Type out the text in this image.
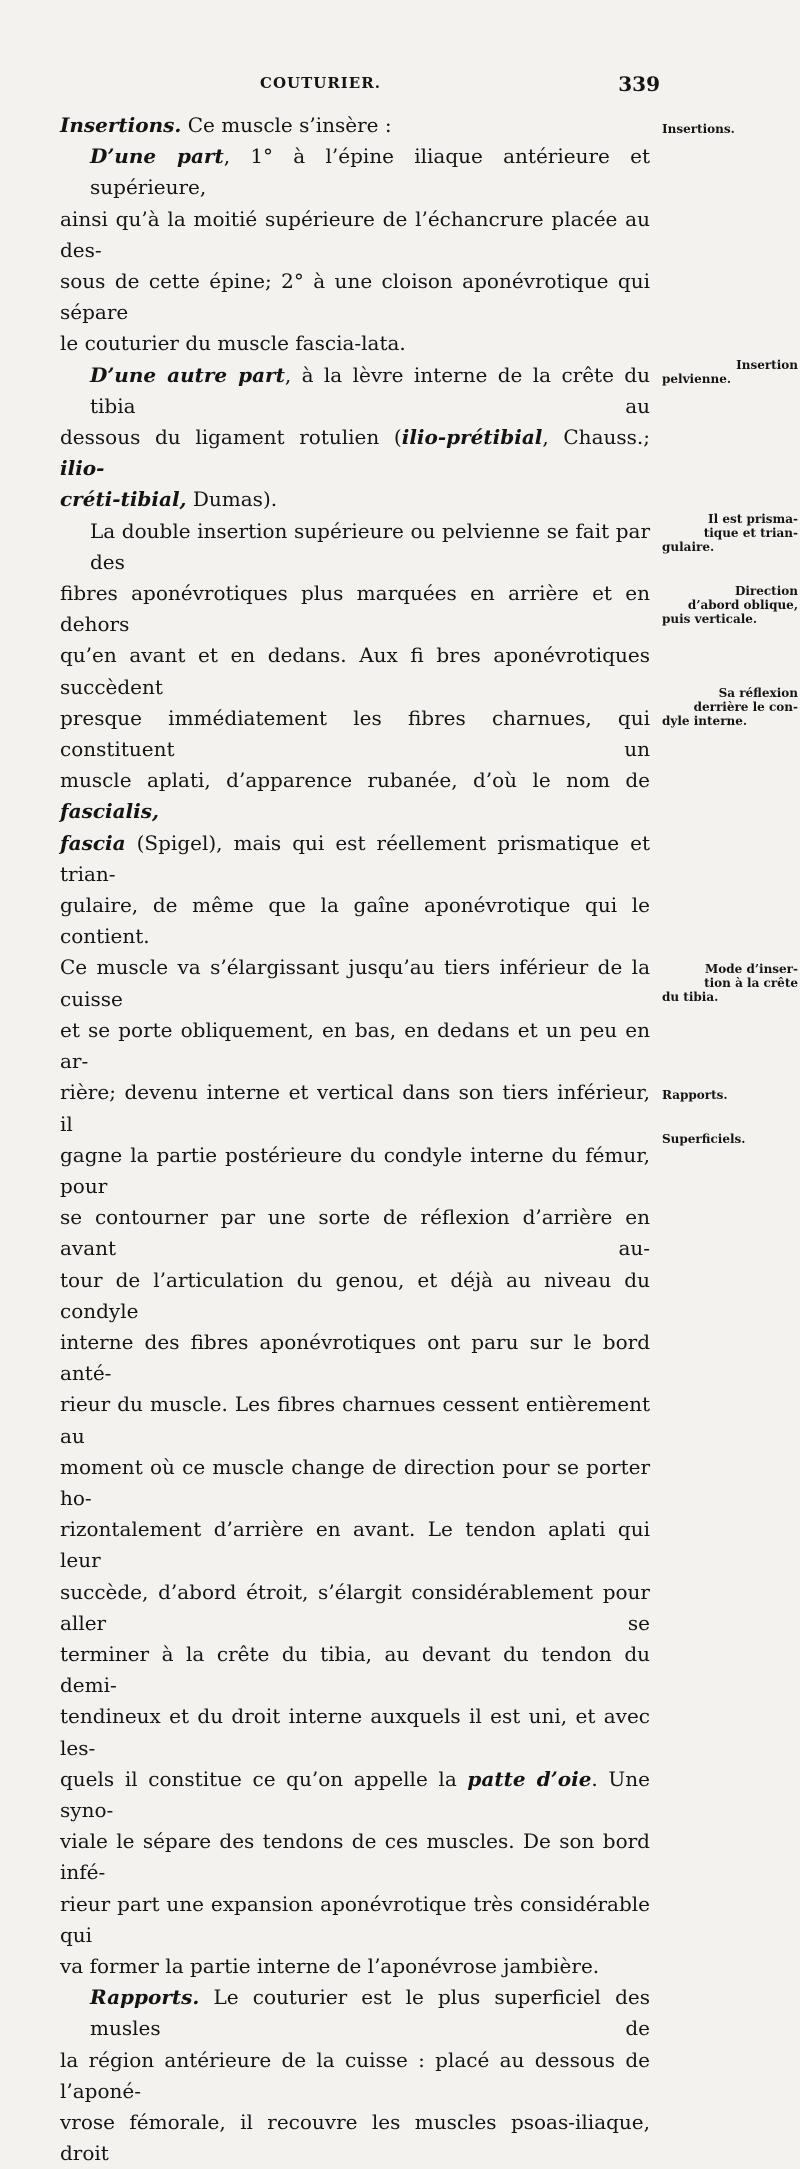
COUTURIER.	339
Insertions. Ce muscle s’insère :
D’une part, 1° à l’épine iliaque antérieure et supérieure,
ainsi qu’à la moitié supérieure de l’échancrure placée au des-
sous de cette épine; 2° à une cloison aponévrotique qui sépare
le couturier du muscle fascia-lata.
D’une autre part, à la lèvre interne de la crête du tibia au
dessous du ligament rotulien (ilio-prétibial, Chauss.; ilio-
créti-tibial, Dumas).
La double insertion supérieure ou pelvienne se fait par des
fibres aponévrotiques plus marquées en arrière et en dehors
qu’en avant et en dedans. Aux fi bres aponévrotiques succèdent
presque immédiatement les fibres charnues, qui constituent un
muscle aplati, d’apparence rubanée, d’où le nom de fascialis,
fascia (Spigel), mais qui est réellement prismatique et trian-
gulaire, de même que la gaîne aponévrotique qui le contient.
Ce muscle va s’élargissant jusqu’au tiers inférieur de la cuisse
et se porte obliquement, en bas, en dedans et un peu en ar-
rière; devenu interne et vertical dans son tiers inférieur, il
gagne la partie postérieure du condyle interne du fémur, pour
se contourner par une sorte de réflexion d’arrière en avant au-
tour de l’articulation du genou, et déjà au niveau du condyle
interne des fibres aponévrotiques ont paru sur le bord anté-
rieur du muscle. Les fibres charnues cessent entièrement au
moment où ce muscle change de direction pour se porter ho-
rizontalement d’arrière en avant. Le tendon aplati qui leur
succède, d’abord étroit, s’élargit considérablement pour aller se
terminer à la crête du tibia, au devant du tendon du demi-
tendineux et du droit interne auxquels il est uni, et avec les-
quels il constitue ce qu’on appelle la patte d’oie. Une syno-
viale le sépare des tendons de ces muscles. De son bord infé-
rieur part une expansion aponévrotique très considérable qui
va former la partie interne de l’aponévrose jambière.
Rapports. Le couturier est le plus superficiel des musles de
la région antérieure de la cuisse : placé au dessous de l’aponé-
vrose fémorale, il recouvre les muscles psoas-iliaque, droit
Insertions.
Insertion
pelvienne.
Il est prisma-
tique et trian-
gulaire.
Direction
d’abord oblique,
puis verticale.
Sa réflexion
derrière le con-
dyle interne.
Mode d’inser-
tion à la crête
du tibia.
Rapports.
Superficiels.
